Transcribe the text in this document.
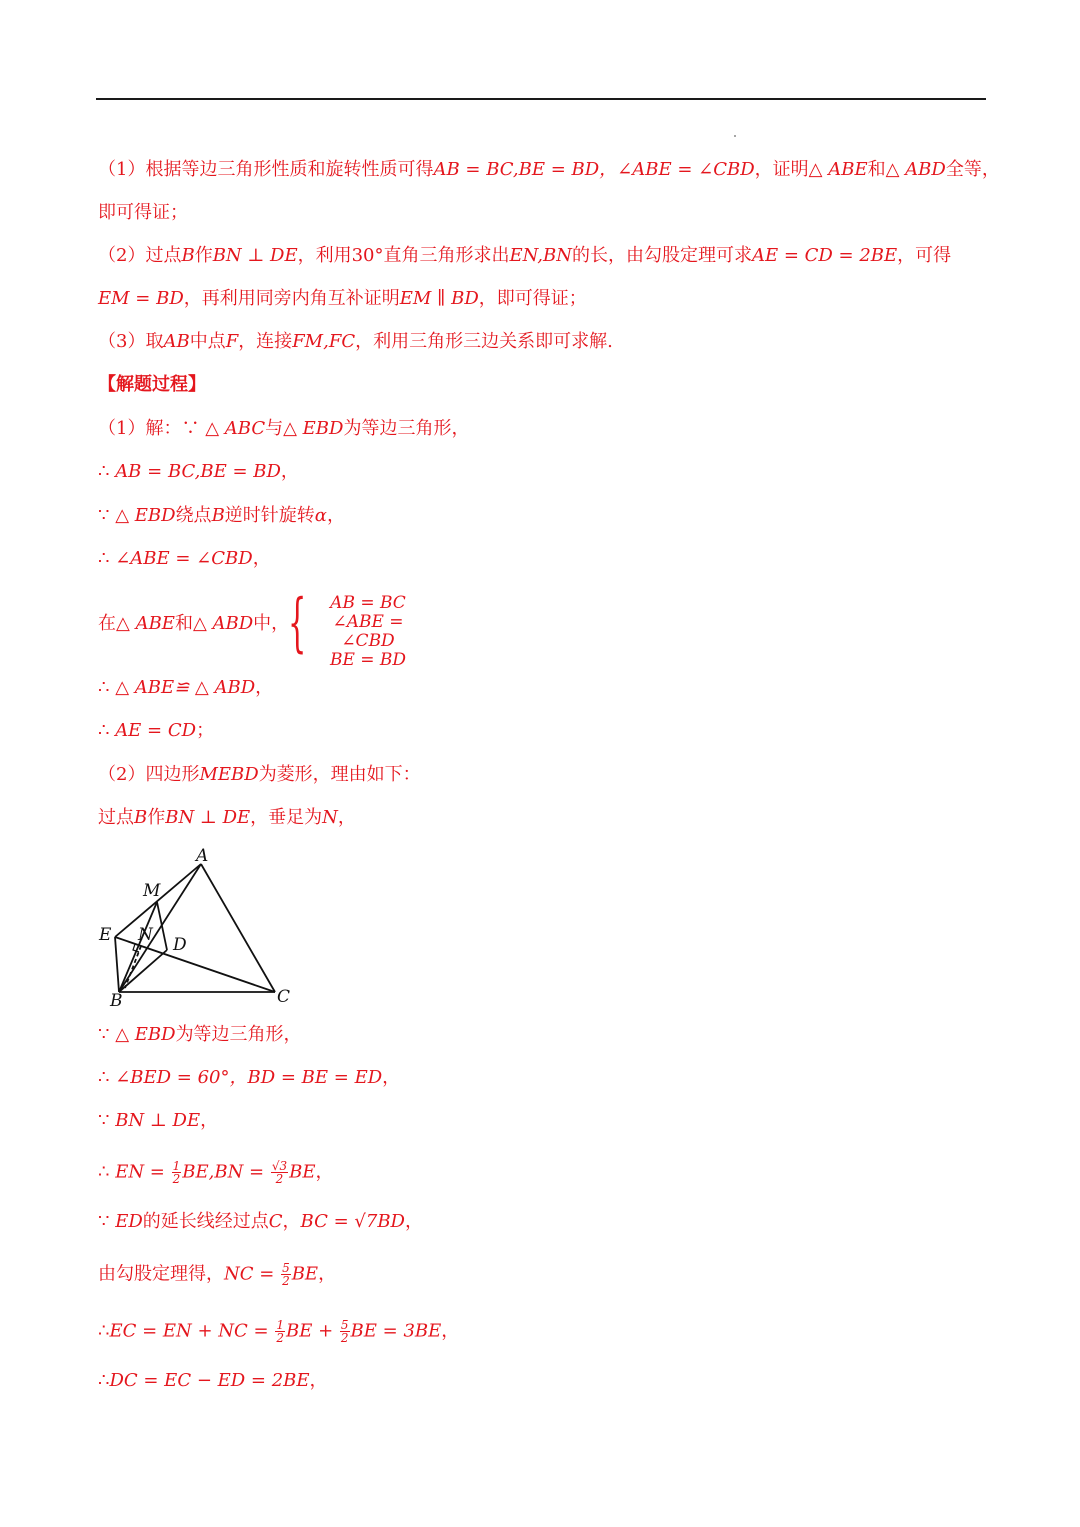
（1）根据等边三角形性质和旋转性质可得AB = BC,BE = BD，∠ABE = ∠CBD，证明△ ABE和△ ABD全等，
即可得证；
（2）过点B作BN ⊥ DE，利用30°直角三角形求出EN,BN的长，由勾股定理可求AE = CD = 2BE，可得
EM = BD，再利用同旁内角互补证明EM ∥ BD，即可得证；
（3）取AB中点F，连接FM,FC，利用三角形三边关系即可求解.
【解题过程】
（1）解：∵ △ ABC与△ EBD为等边三角形，
∴ AB = BC,BE = BD，
∵ △ EBD绕点B逆时针旋转α，
∴ ∠ABE = ∠CBD，
在△ ABE和△ ABD中，
{	AB = BC
∠ABE = ∠CBD
BE = BD
∴ △ ABE≌ △ ABD，
∴ AE = CD；
（2）四边形MEBD为菱形，理由如下：
过点B作BN ⊥ DE，垂足为N，
A
M
E N D
B	C
∵ △ EBD为等边三角形，
∴ ∠BED = 60°，BD = BE = ED，
∵ BN ⊥ DE，
∴ EN = $\frac{1}{2} BE,BN = \frac{√3}{2}$ BE，
∵ ED的延长线经过点C，BC = √7BD，
由勾股定理得，NC = $\frac{5}{2}$ BE，
∴EC = EN + NC = $\frac{1}{2}$ BE + $\frac{5}{2}$ BE = 3BE，
∴DC = EC − ED = 2BE，
